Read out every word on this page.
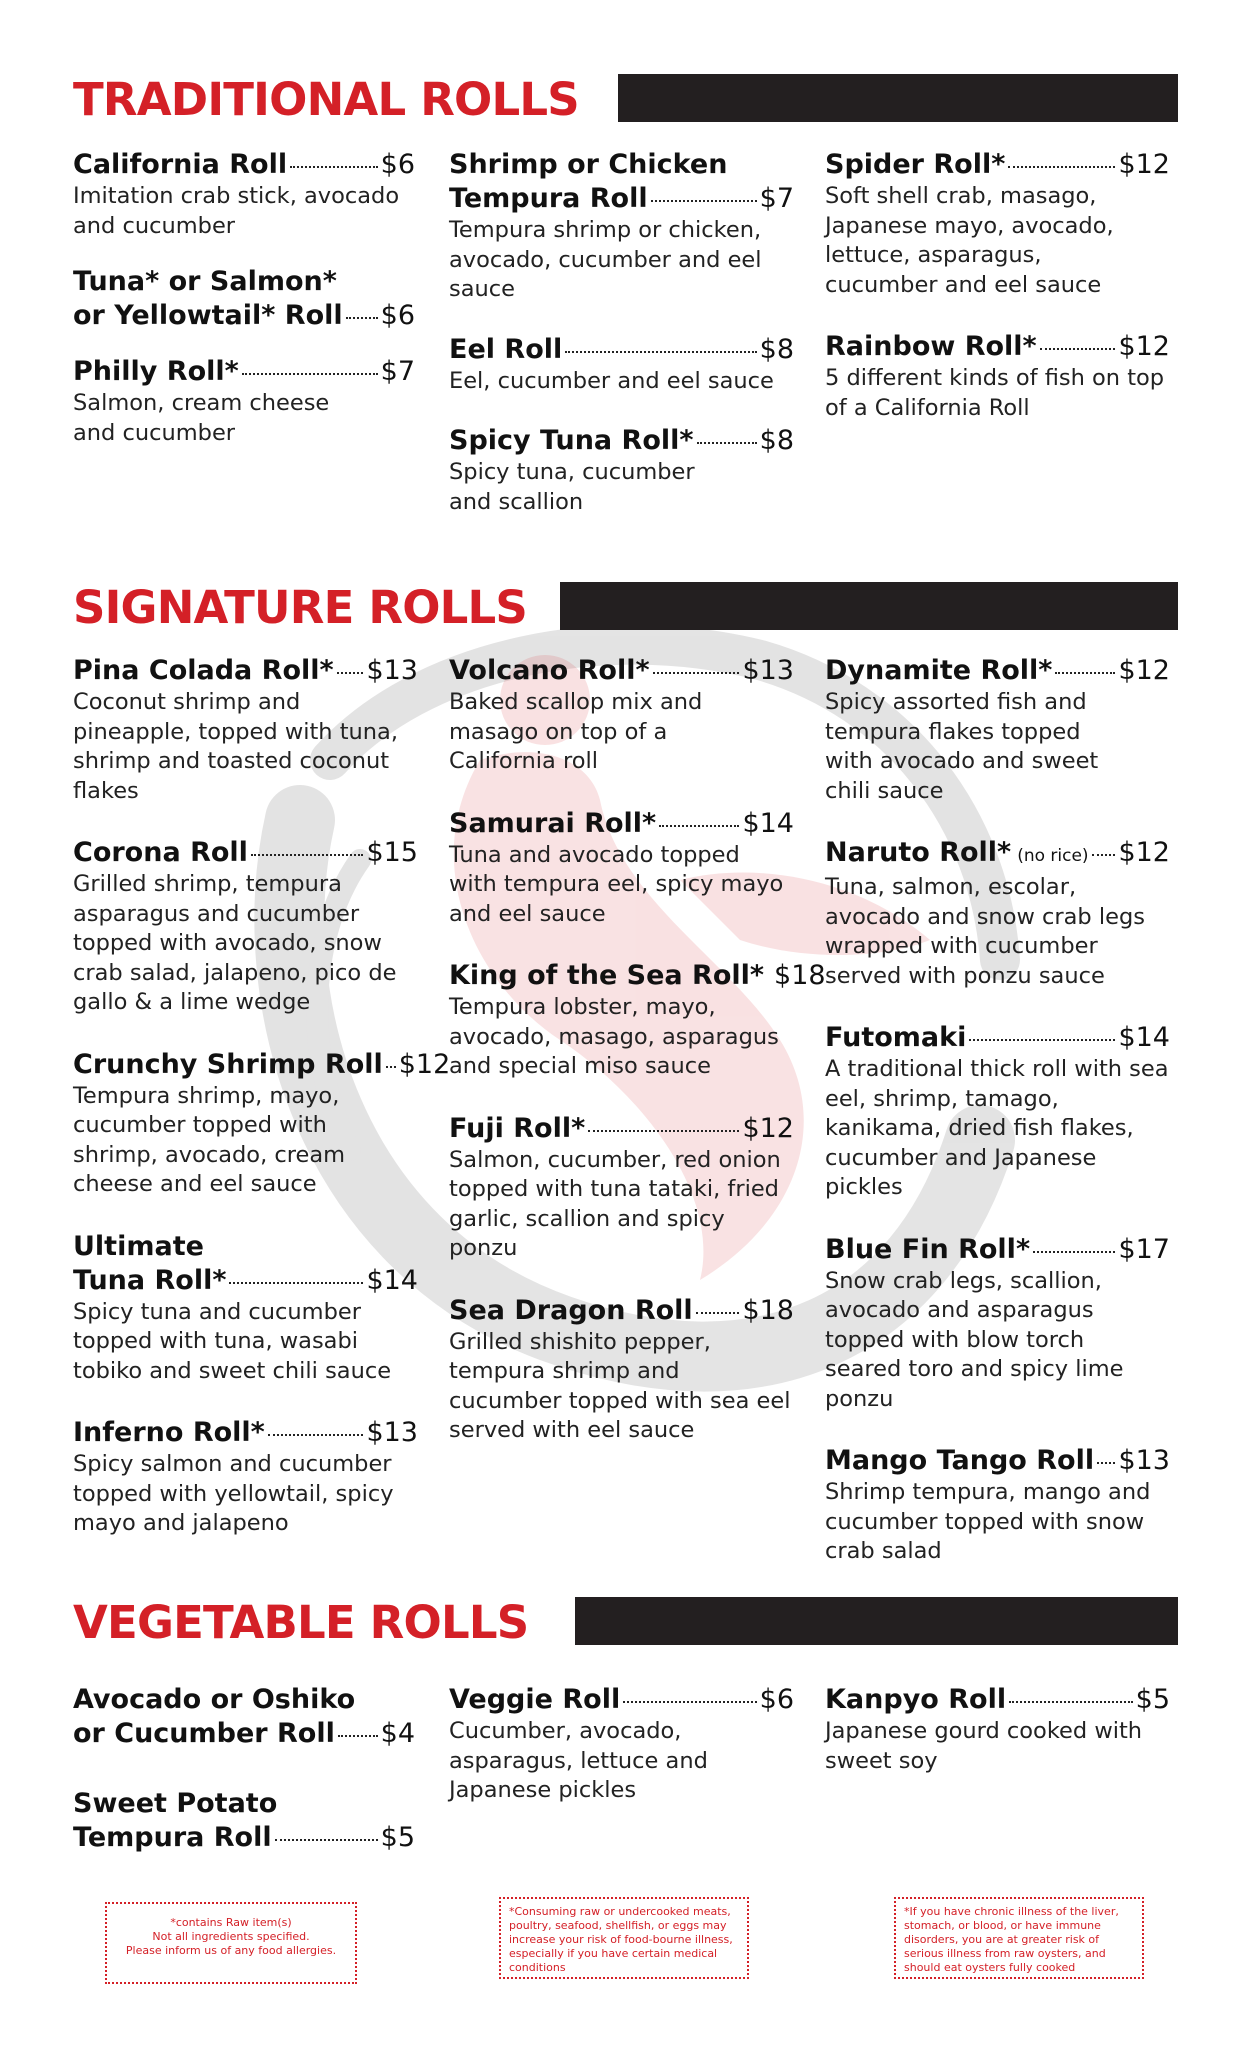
TRADITIONAL ROLLS
California Roll	$6
Imitation crab stick, avocado and cucumber
Tuna* or Salmon*
or Yellowtail* Roll $6
Philly Roll*	$7
Salmon, cream cheese and cucumber
Shrimp or Chicken
Tempura Roll	$7
Tempura shrimp or chicken, avocado, cucumber and eel sauce
Eel Roll	$8
Eel, cucumber and eel sauce
Spicy Tuna Roll* $8
Spicy tuna, cucumber and scallion
Spider Roll*	$12
Soft shell crab, masago, Japanese mayo, avocado, lettuce, asparagus, cucumber and eel sauce
Rainbow Roll*	$12
5 different kinds of fish on top of a California Roll
SIGNATURE ROLLS
Pina Colada Roll* $13
Coconut shrimp and pineapple, topped with tuna, shrimp and toasted coconut flakes
Corona Roll	$15
Grilled shrimp, tempura asparagus and cucumber topped with avocado, snow crab salad, jalapeno, pico de gallo & a lime wedge
Crunchy Shrimp Roll $12
Tempura shrimp, mayo, cucumber topped with shrimp, avocado, cream cheese and eel sauce
Ultimate
Tuna Roll*	$14
Spicy tuna and cucumber topped with tuna, wasabi tobiko and sweet chili sauce
Inferno Roll*	$13
Spicy salmon and cucumber topped with yellowtail, spicy mayo and jalapeno
Volcano Roll*	$13
Baked scallop mix and masago on top of a California roll
Samurai Roll*	$14
Tuna and avocado topped with tempura eel, spicy mayo and eel sauce
King of the Sea Roll* $18
Tempura lobster, mayo, avocado, masago, asparagus and special miso sauce
Fuji Roll*	$12
Salmon, cucumber, red onion topped with tuna tataki, fried garlic, scallion and spicy ponzu
Sea Dragon Roll $18
Grilled shishito pepper, tempura shrimp and cucumber topped with sea eel served with eel sauce
Dynamite Roll* $12
Spicy assorted fish and tempura flakes topped with avocado and sweet chili sauce
Naruto Roll* (no rice) $12
Tuna, salmon, escolar, avocado and snow crab legs wrapped with cucumber served with ponzu sauce
Futomaki	$14
A traditional thick roll with sea eel, shrimp, tamago, kanikama, dried fish flakes, cucumber and Japanese pickles
Blue Fin Roll*	$17
Snow crab legs, scallion, avocado and asparagus topped with blow torch seared toro and spicy lime ponzu
Mango Tango Roll $13
Shrimp tempura, mango and cucumber topped with snow crab salad
VEGETABLE ROLLS
Avocado or Oshiko
or Cucumber Roll $4
Sweet Potato
Tempura Roll	$5
Veggie Roll	$6
Cucumber, avocado, asparagus, lettuce and Japanese pickles
Kanpyo Roll	$5
Japanese gourd cooked with sweet soy
*contains Raw item(s)
Not all ingredients specified.
Please inform us of any food allergies.
*Consuming raw or undercooked meats, poultry, seafood, shellfish, or eggs may increase your risk of food-bourne illness, especially if you have certain medical conditions
*If you have chronic illness of the liver, stomach, or blood, or have immune disorders, you are at greater risk of serious illness from raw oysters, and should eat oysters fully cooked
